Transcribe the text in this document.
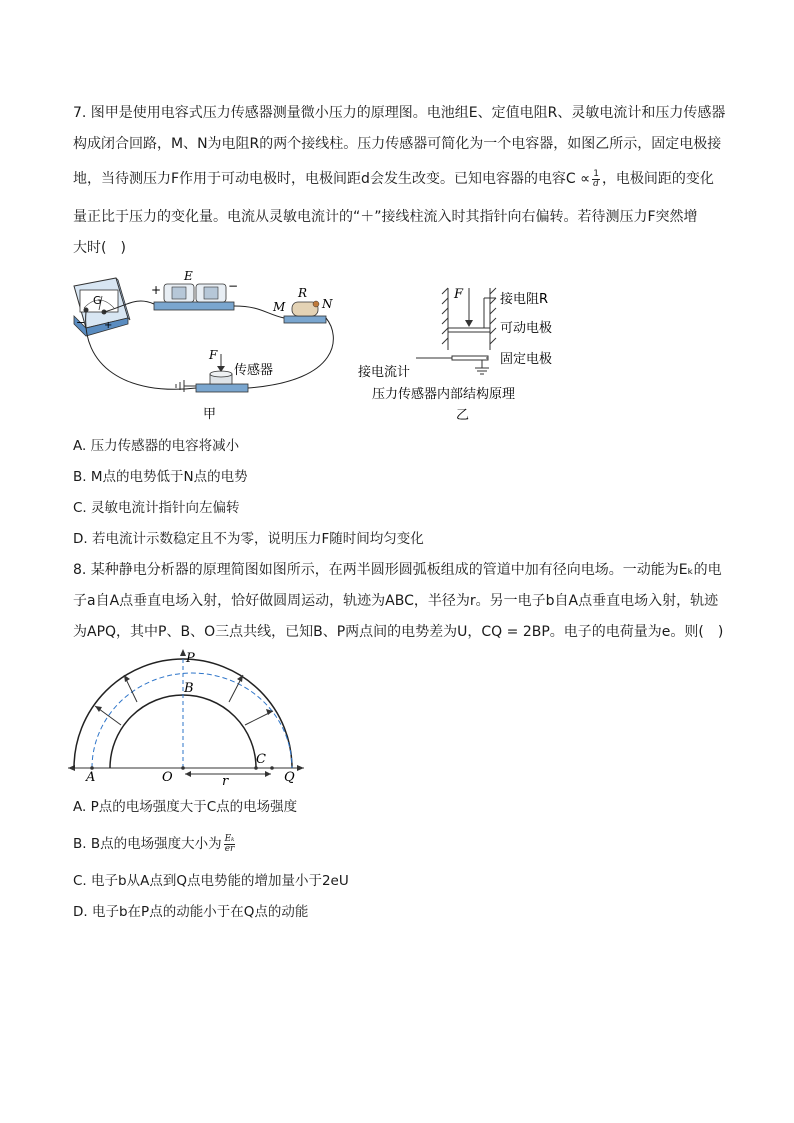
7. 图甲是使用电容式压力传感器测量微小压力的原理图。电池组E、定值电阻R、灵敏电流计和压力传感器
构成闭合回路，M、N为电阻R的两个接线柱。压力传感器可简化为一个电容器，如图乙所示，固定电极接
地，当待测压力F作用于可动电极时，电极间距d会发生改变。已知电容器的电容$C \propto \frac{1}{d}$ ，电极间距的变化
量正比于压力的变化量。电流从灵敏电流计的“＋”接线柱流入时其指针向右偏转。若待测压力F突然增
大时(　)
G
− +
E
+	−	R
M	N
F
传感器
甲
F	接电阻R
可动电极
固定电极
接电流计
压力传感器内部结构原理
乙
A. 压力传感器的电容将减小
B. M点的电势低于N点的电势
C. 灵敏电流计指针向左偏转
D. 若电流计示数稳定且不为零，说明压力F随时间均匀变化
8. 某种静电分析器的原理简图如图所示，在两半圆形圆弧板组成的管道中加有径向电场。一动能为Eₖ的电
子a自A点垂直电场入射，恰好做圆周运动，轨迹为ABC，半径为r。另一电子b自A点垂直电场入射，轨迹
为APQ，其中P、B、O三点共线，已知B、P两点间的电势差为U，CQ = 2BP。电子的电荷量为e。则(　)
P
B
A	O	r
C
Q
A. P点的电场强度大于C点的电场强度
B. B点的电场强度大小为 $\frac{\text{Eₖ}}{er}$
C. 电子b从A点到Q点电势能的增加量小于2eU
D. 电子b在P点的动能小于在Q点的动能
